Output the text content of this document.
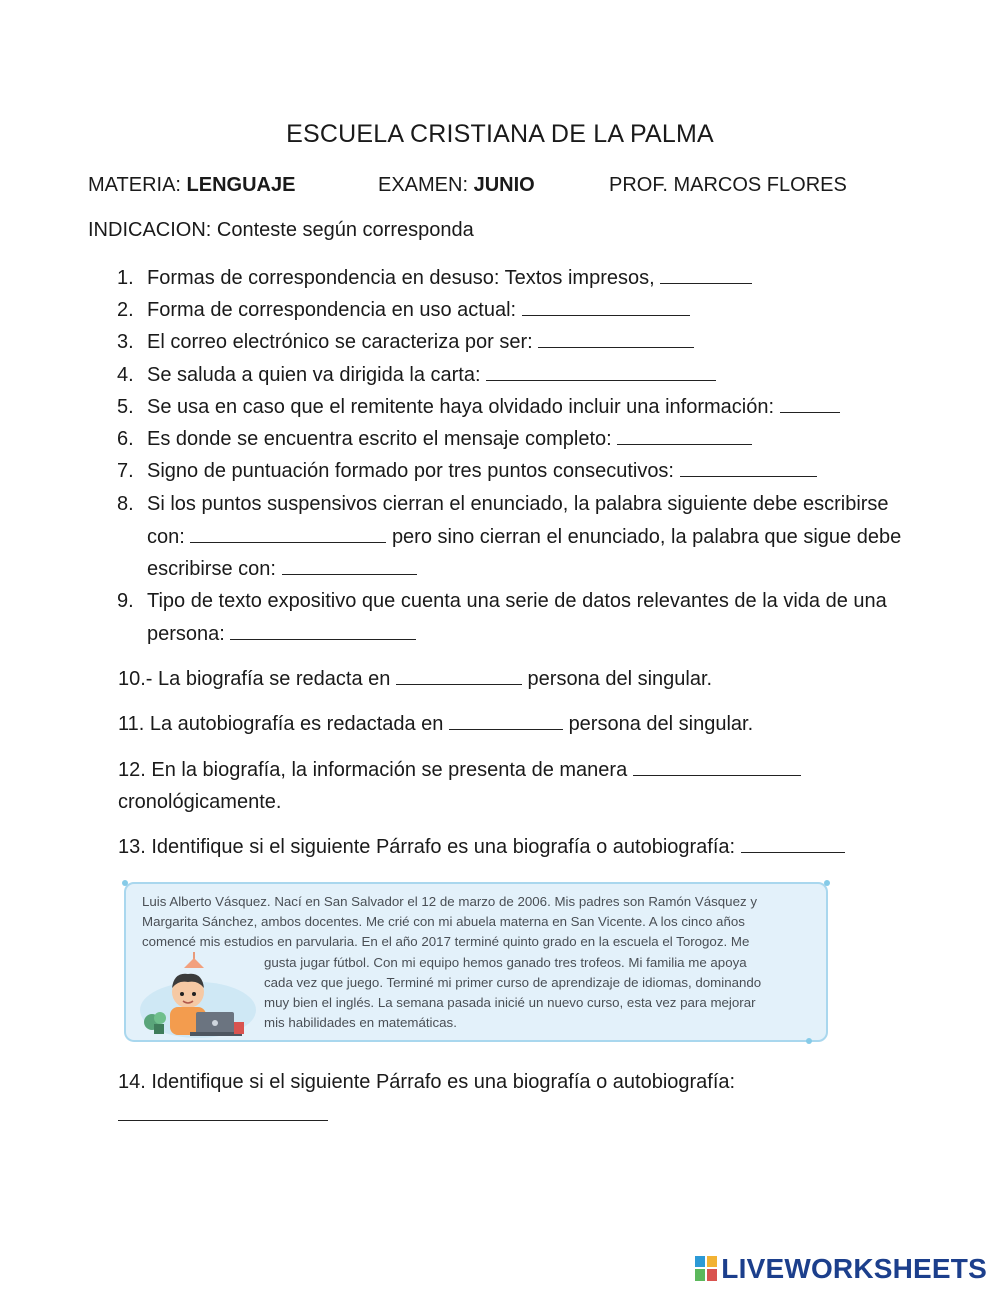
ESCUELA CRISTIANA DE LA PALMA
MATERIA: LENGUAJE	EXAMEN: JUNIO	PROF. MARCOS FLORES
INDICACION: Conteste según corresponda
1. Formas de correspondencia en desuso: Textos impresos,
2. Forma de correspondencia en uso actual:
3. El correo electrónico se caracteriza por ser:
4. Se saluda a quien va dirigida la carta:
5. Se usa en caso que el remitente haya olvidado incluir una información:
6. Es donde se encuentra escrito el mensaje completo:
7. Signo de puntuación formado por tres puntos consecutivos:
8. Si los puntos suspensivos cierran el enunciado, la palabra siguiente debe escribirse con:	pero sino cierran el enunciado, la palabra que sigue debe escribirse con:
9. Tipo de texto expositivo que cuenta una serie de datos relevantes de la vida de una persona:
10.- La biografía se redacta en	persona del singular.
11. La autobiografía es redactada en	persona del singular.
12. En la biografía, la información se presenta de manera  cronológicamente.
13. Identifique si el siguiente Párrafo es una biografía o autobiografía:
Luis Alberto Vásquez. Nací en San Salvador el 12 de marzo de 2006. Mis padres son Ramón Vásquez y
Margarita Sánchez, ambos docentes. Me crié con mi abuela materna en San Vicente. A los cinco años
comencé mis estudios en parvularia. En el año 2017 terminé quinto grado en la escuela el Torogoz. Me
gusta jugar fútbol. Con mi equipo hemos ganado tres trofeos. Mi familia me apoya
cada vez que juego. Terminé mi primer curso de aprendizaje de idiomas, dominando
muy bien el inglés. La semana pasada inicié un nuevo curso, esta vez para mejorar
mis habilidades en matemáticas.
14. Identifique si el siguiente Párrafo es una biografía o autobiografía:

LIVEWORKSHEETS
